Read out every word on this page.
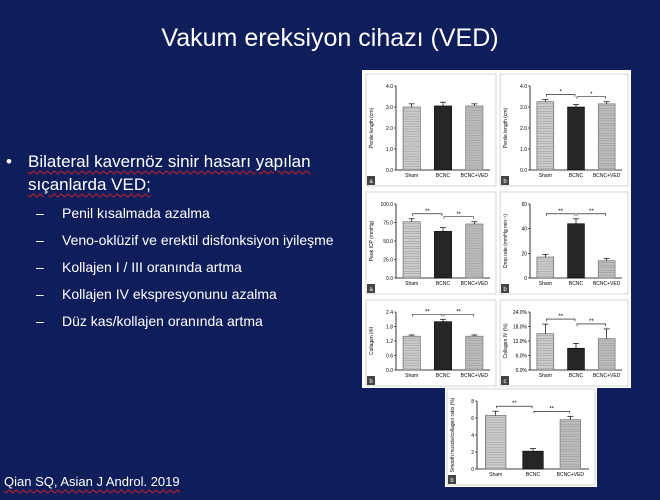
Vakum ereksiyon cihazı (VED)
• Bilateral kavernöz sinir hasarı yapılan sıçanlarda VED;
– Penil kısalmada azalma
– Veno-oklüzif ve erektil disfonksiyon iyileşme
– Kollajen I / III oranında artma
– Kollajen IV ekspresyonunu azalma
– Düz kas/kollajen oranında artma
0.0
1.0
2.0
3.0
4.0
Penile length (cm)
Sham	BCNC BCNC+VED
a
0.0
1.0
2.0
3.0
4.0
Penile length (cm)
Sham	BCNC BCNC+VED
*	*
b
0.0
25.0
50.0
75.0
100.0
Peak ICP (mmHg)
Sham	BCNC BCNC+VED
**	**
a
0
20
40
60
Drop rate (mmHg min⁻¹)
Sham	BCNC BCNC+VED
**	**
b
0.0
0.6
1.2
1.8
2.4
Collagen I/III
Sham	BCNC BCNC+VED
**	**
b
0.0%
6.0%
12.0%
18.0%
24.0%
Collagen IV (%)
Sham	BCNC BCNC+VED
**
**
c
0
2
4
6
8
Smooth muscle/collagen ratio (%)
Sham	BCNC	BCNC+VED
**
**
b
Qian SQ, Asian J Androl. 2019
